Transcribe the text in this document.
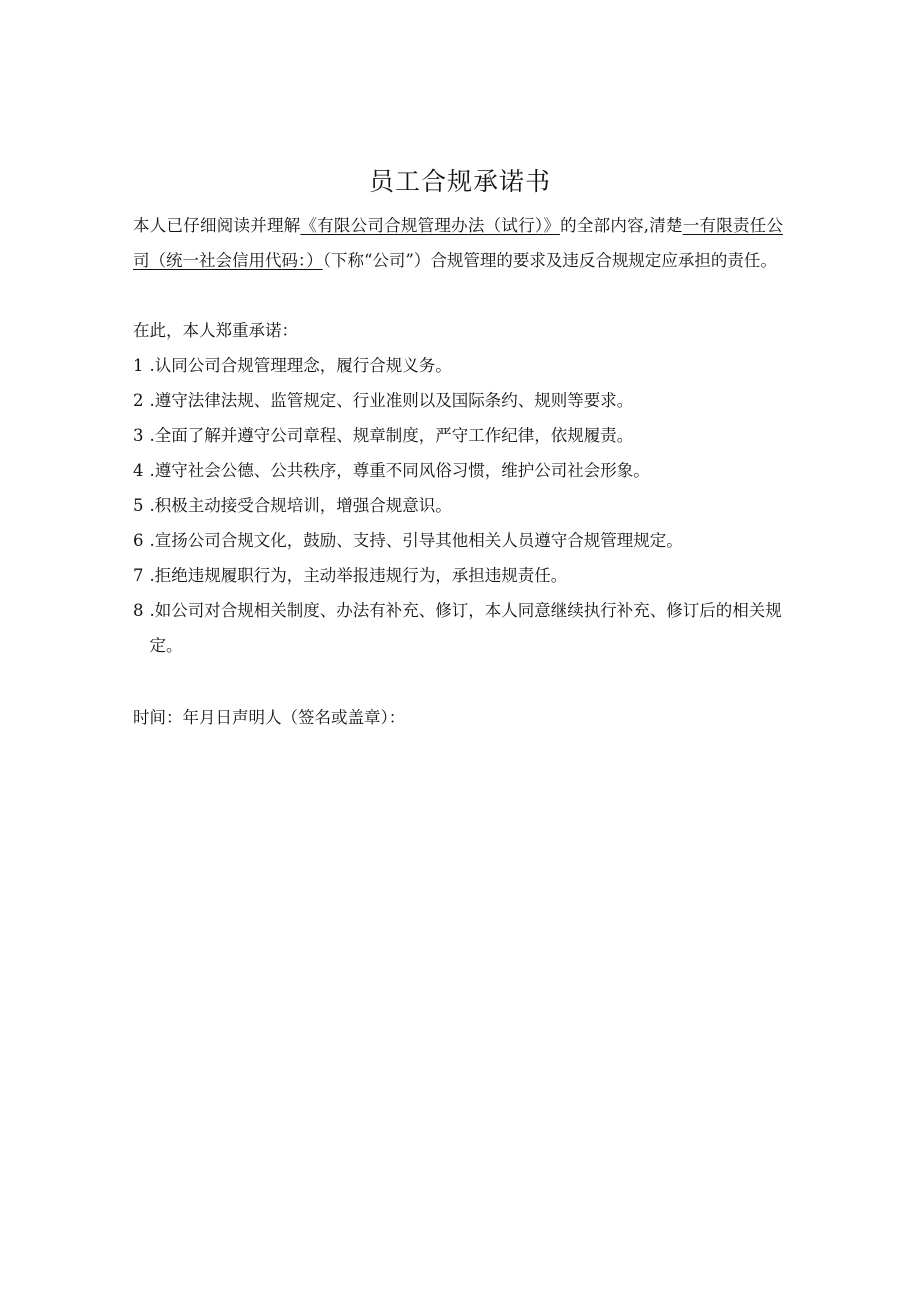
员工合规承诺书
本人已仔细阅读并理解《有限公司合规管理办法（试行）》的全部内容,清楚一有限责任公司（统一社会信用代码：）（下称“公司”）合规管理的要求及违反合规规定应承担的责任。
在此，本人郑重承诺：
1 .认同公司合规管理理念，履行合规义务。
2 .遵守法律法规、监管规定、行业准则以及国际条约、规则等要求。
3 .全面了解并遵守公司章程、规章制度，严守工作纪律，依规履责。
4 .遵守社会公德、公共秩序，尊重不同风俗习惯，维护公司社会形象。
5 .积极主动接受合规培训，增强合规意识。
6 .宣扬公司合规文化，鼓励、支持、引导其他相关人员遵守合规管理规定。
7 .拒绝违规履职行为，主动举报违规行为，承担违规责任。
8 .如公司对合规相关制度、办法有补充、修订，本人同意继续执行补充、修订后的相关规定。
时间：年月日声明人（签名或盖章）：
